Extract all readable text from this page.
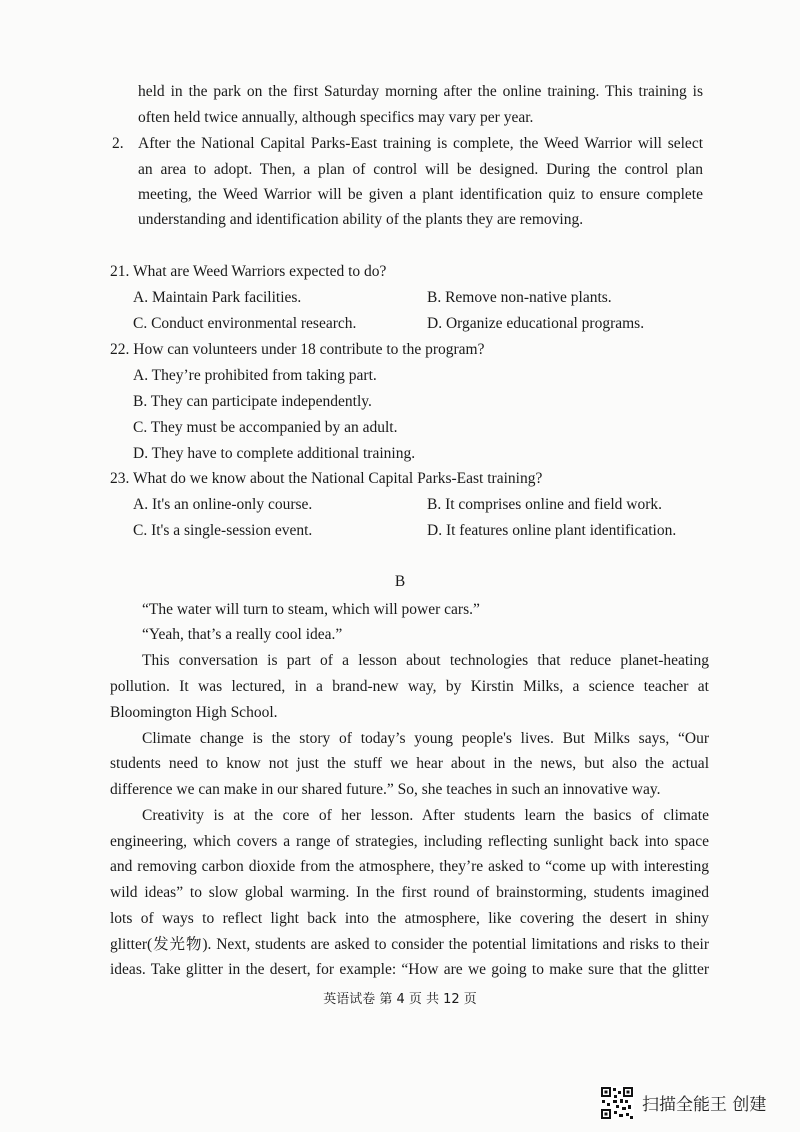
held in the park on the first Saturday morning after the online training. This training is
often held twice annually, although specifics may vary per year.
2. After the National Capital Parks-East training is complete, the Weed Warrior will select
an area to adopt. Then, a plan of control will be designed. During the control plan
meeting, the Weed Warrior will be given a plant identification quiz to ensure complete
understanding and identification ability of the plants they are removing.
21. What are Weed Warriors expected to do?
A. Maintain Park facilities.	B. Remove non-native plants.
C. Conduct environmental research.	D. Organize educational programs.
22. How can volunteers under 18 contribute to the program?
A. They’re prohibited from taking part.
B. They can participate independently.
C. They must be accompanied by an adult.
D. They have to complete additional training.
23. What do we know about the National Capital Parks-East training?
A. It's an online-only course.	B. It comprises online and field work.
C. It's a single-session event.	D. It features online plant identification.
B
“The water will turn to steam, which will power cars.”
“Yeah, that’s a really cool idea.”
This conversation is part of a lesson about technologies that reduce planet-heating
pollution. It was lectured, in a brand-new way, by Kirstin Milks, a science teacher at
Bloomington High School.
Climate change is the story of today’s young people's lives. But Milks says, “Our
students need to know not just the stuff we hear about in the news, but also the actual
difference we can make in our shared future.” So, she teaches in such an innovative way.
Creativity is at the core of her lesson. After students learn the basics of climate
engineering, which covers a range of strategies, including reflecting sunlight back into space
and removing carbon dioxide from the atmosphere, they’re asked to “come up with interesting
wild ideas” to slow global warming. In the first round of brainstorming, students imagined
lots of ways to reflect light back into the atmosphere, like covering the desert in shiny
glitter(发光物). Next, students are asked to consider the potential limitations and risks to their
ideas. Take glitter in the desert, for example: “How are we going to make sure that the glitter
英语试卷 第 4 页 共 12 页
扫描全能王 创建
